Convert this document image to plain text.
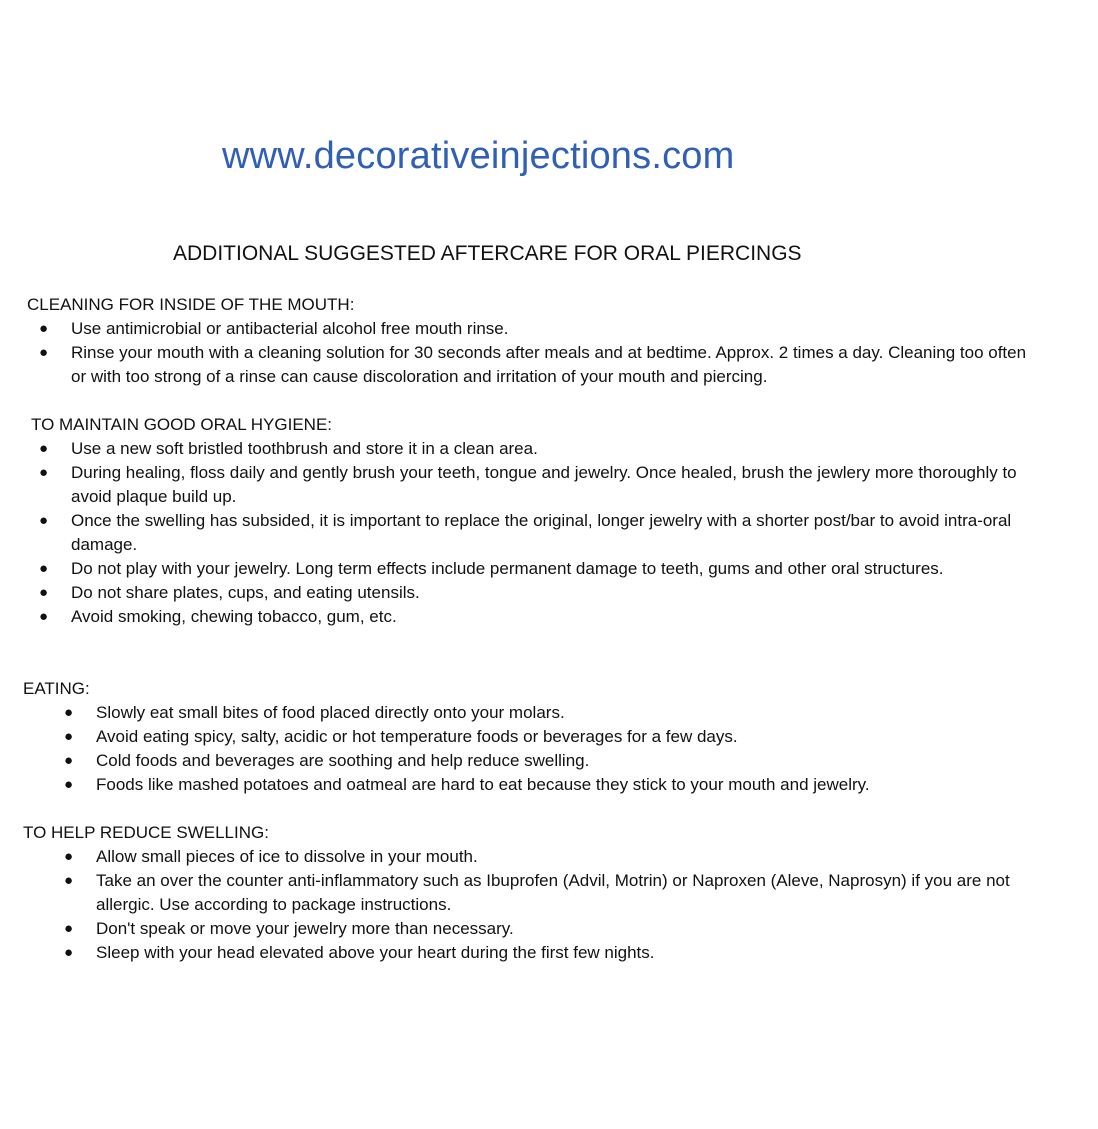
www.decorativeinjections.com
ADDITIONAL SUGGESTED AFTERCARE FOR ORAL PIERCINGS
CLEANING FOR INSIDE OF THE MOUTH:
● Use antimicrobial or antibacterial alcohol free mouth rinse.
● Rinse your mouth with a cleaning solution for 30 seconds after meals and at bedtime. Approx. 2 times a day. Cleaning too often or with too strong of a rinse can cause discoloration and irritation of your mouth and piercing.
TO MAINTAIN GOOD ORAL HYGIENE:
● Use a new soft bristled toothbrush and store it in a clean area.
● During healing, floss daily and gently brush your teeth, tongue and jewelry. Once healed, brush the jewlery more thoroughly to avoid plaque build up.
● Once the swelling has subsided, it is important to replace the original, longer jewelry with a shorter post/bar to avoid intra-oral damage.
● Do not play with your jewelry. Long term effects include permanent damage to teeth, gums and other oral structures.
● Do not share plates, cups, and eating utensils.
● Avoid smoking, chewing tobacco, gum, etc.
EATING:
● Slowly eat small bites of food placed directly onto your molars.
● Avoid eating spicy, salty, acidic or hot temperature foods or beverages for a few days.
● Cold foods and beverages are soothing and help reduce swelling.
● Foods like mashed potatoes and oatmeal are hard to eat because they stick to your mouth and jewelry.
TO HELP REDUCE SWELLING:
● Allow small pieces of ice to dissolve in your mouth.
● Take an over the counter anti-inflammatory such as Ibuprofen (Advil, Motrin) or Naproxen (Aleve, Naprosyn) if you are not allergic. Use according to package instructions.
● Don't speak or move your jewelry more than necessary.
● Sleep with your head elevated above your heart during the first few nights.
